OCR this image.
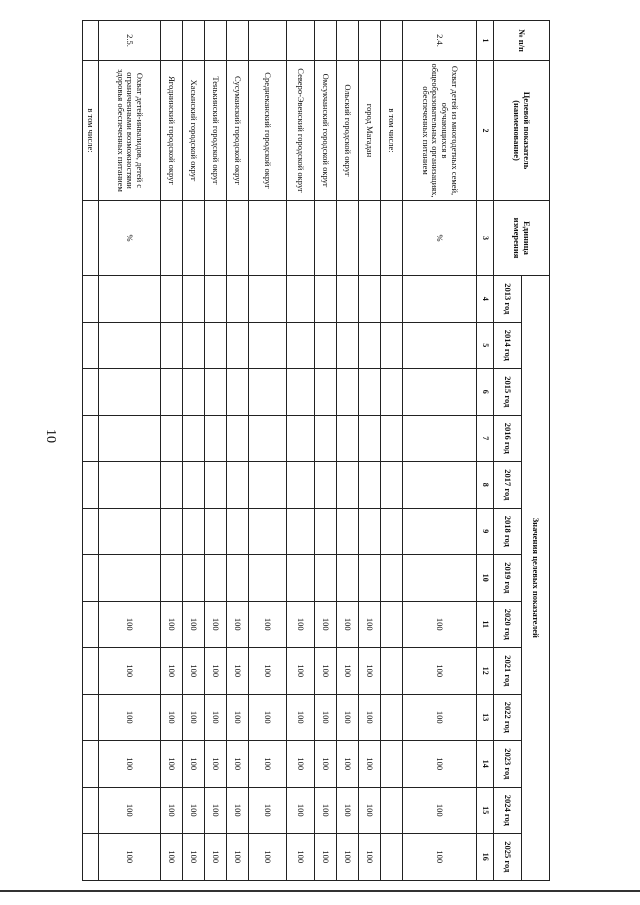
10
№ п/п	Целевой показатель (наименование)	Единица измерения	Значения целевых показателей												
			2013 год	2014 год	2015 год	2016 год	2017 год	2018 год	2019 год	2020 год	2021 год	2022 год	2023 год	2024 год	2025 год
1	2	3	4	5	6	7	8	9	10	11	12	13	14	15	16
2.4.	Охват детей из многодетных семей, обучающихся в общеобразовательных организациях, обеспеченных питанием	%								100	100	100	100	100	100
	в том числе:														
	город Магадан									100	100	100	100	100	100
	Ольский городской округ									100	100	100	100	100	100
	Омсукчанский городской округ									100	100	100	100	100	100
	Северо-Эвенский городской округ									100	100	100	100	100	100
	Среднеканский городской округ									100	100	100	100	100	100
	Сусуманский городской округ									100	100	100	100	100	100
	Тенькинский городской округ									100	100	100	100	100	100
	Хасынский городской округ									100	100	100	100	100	100
	Ягоднинский городской округ									100	100	100	100	100	100
2.5.	Охват детей-инвалидов, детей с ограниченными возможностями здоровья обеспеченных питанием	%								100	100	100	100	100	100
	в том числе:														
